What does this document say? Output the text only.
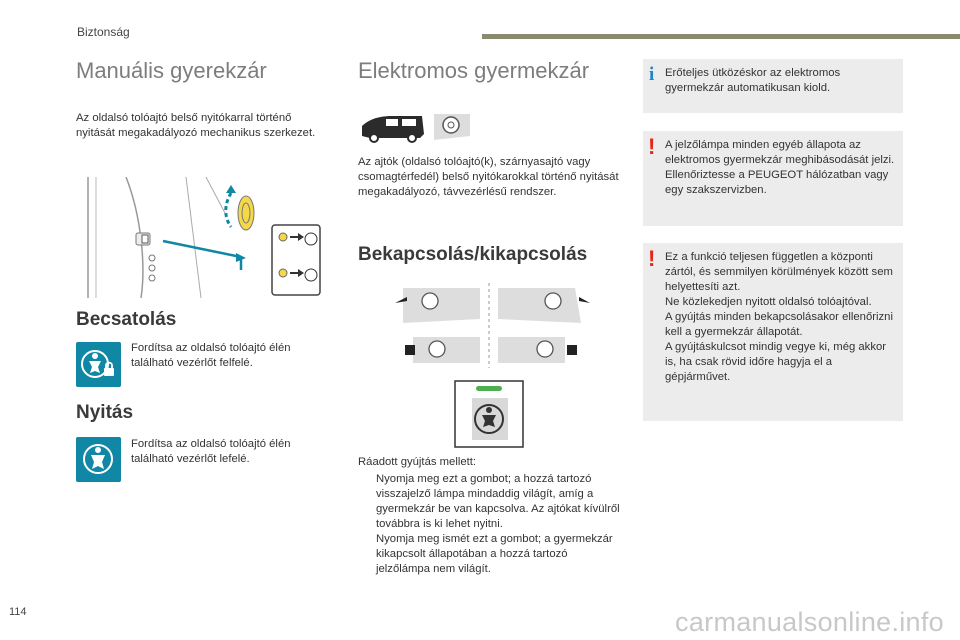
Biztonság
Manuális gyerekzár
Az oldalsó tolóajtó belső nyitókarral történő nyitását megakadályozó mechanikus szerkezet.
Becsatolás
Fordítsa az oldalsó tolóajtó élén található vezérlőt felfelé.
Nyitás
Fordítsa az oldalsó tolóajtó élén található vezérlőt lefelé.
Elektromos gyermekzár
Az ajtók (oldalsó tolóajtó(k), szárnyasajtó vagy csomagtérfedél) belső nyitókarokkal történő nyitását megakadályozó, távvezérlésű rendszer.
Bekapcsolás/kikapcsolás
Ráadott gyújtás mellett:
Nyomja meg ezt a gombot; a hozzá tartozó visszajelző lámpa mindaddig világít, amíg a gyermekzár be van kapcsolva. Az ajtókat kívülről továbbra is ki lehet nyitni.
Nyomja meg ismét ezt a gombot; a gyermekzár kikapcsolt állapotában a hozzá tartozó jelzőlámpa nem világít.
i Erőteljes ütközéskor az elektromos gyermekzár automatikusan kiold.
! A jelzőlámpa minden egyéb állapota az elektromos gyermekzár meghibásodását jelzi.
Ellenőriztesse a PEUGEOT hálózatban vagy egy szakszervizben.
! Ez a funkció teljesen független a központi zártól, és semmilyen körülmények között sem helyettesíti azt.
Ne közlekedjen nyitott oldalsó tolóajtóval.
A gyújtás minden bekapcsolásakor ellenőrizni kell a gyermekzár állapotát.
A gyújtáskulcsot mindig vegye ki, még akkor is, ha csak rövid időre hagyja el a gépjárművet.
114	carmanualsonline.info
